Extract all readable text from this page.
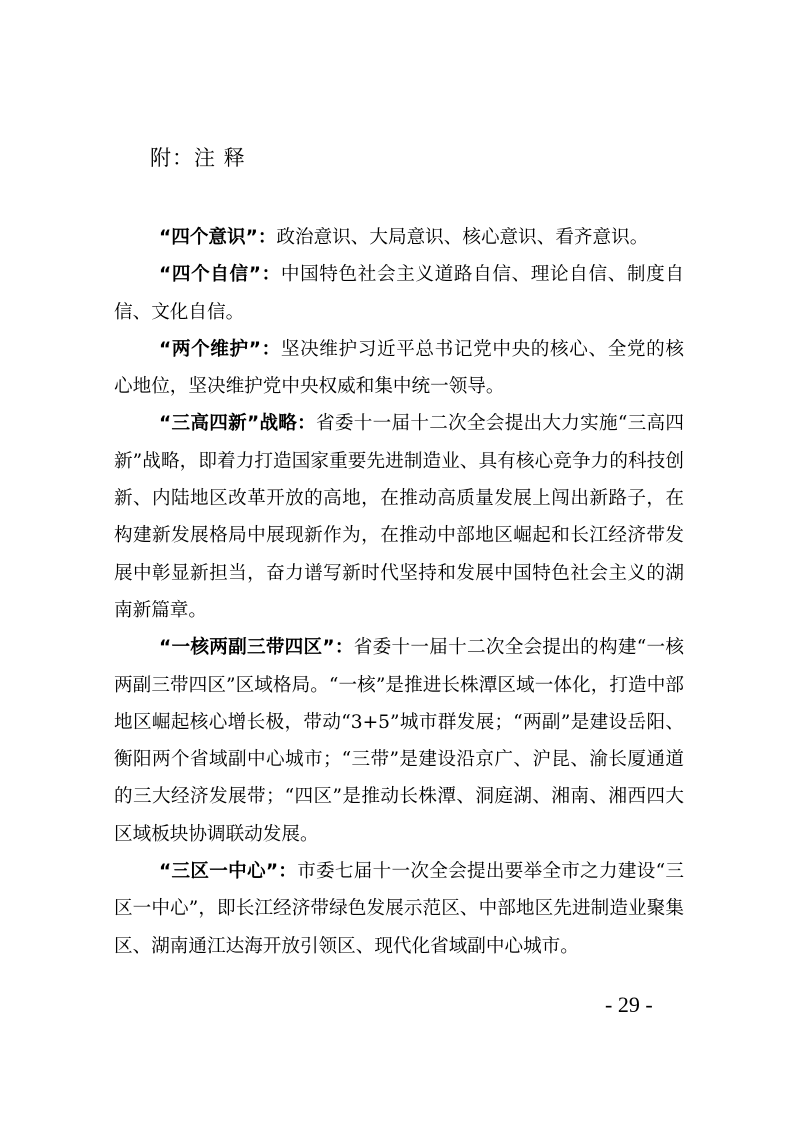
附：注 释

“四个意识”：政治意识、大局意识、核心意识、看齐意识。

“四个自信”：中国特色社会主义道路自信、理论自信、制度自信、文化自信。

“两个维护”：坚决维护习近平总书记党中央的核心、全党的核心地位，坚决维护党中央权威和集中统一领导。

“三高四新”战略：省委十一届十二次全会提出大力实施“三高四新”战略，即着力打造国家重要先进制造业、具有核心竞争力的科技创新、内陆地区改革开放的高地，在推动高质量发展上闯出新路子，在构建新发展格局中展现新作为，在推动中部地区崛起和长江经济带发展中彰显新担当，奋力谱写新时代坚持和发展中国特色社会主义的湖南新篇章。

“一核两副三带四区”：省委十一届十二次全会提出的构建“一核两副三带四区”区域格局。“一核”是推进长株潭区域一体化，打造中部地区崛起核心增长极，带动“3+5”城市群发展；“两副”是建设岳阳、衡阳两个省域副中心城市；“三带”是建设沿京广、沪昆、渝长厦通道的三大经济发展带；“四区”是推动长株潭、洞庭湖、湘南、湘西四大区域板块协调联动发展。

“三区一中心”：市委七届十一次全会提出要举全市之力建设“三区一中心”，即长江经济带绿色发展示范区、中部地区先进制造业聚集区、湖南通江达海开放引领区、现代化省域副中心城市。

- 29 -
